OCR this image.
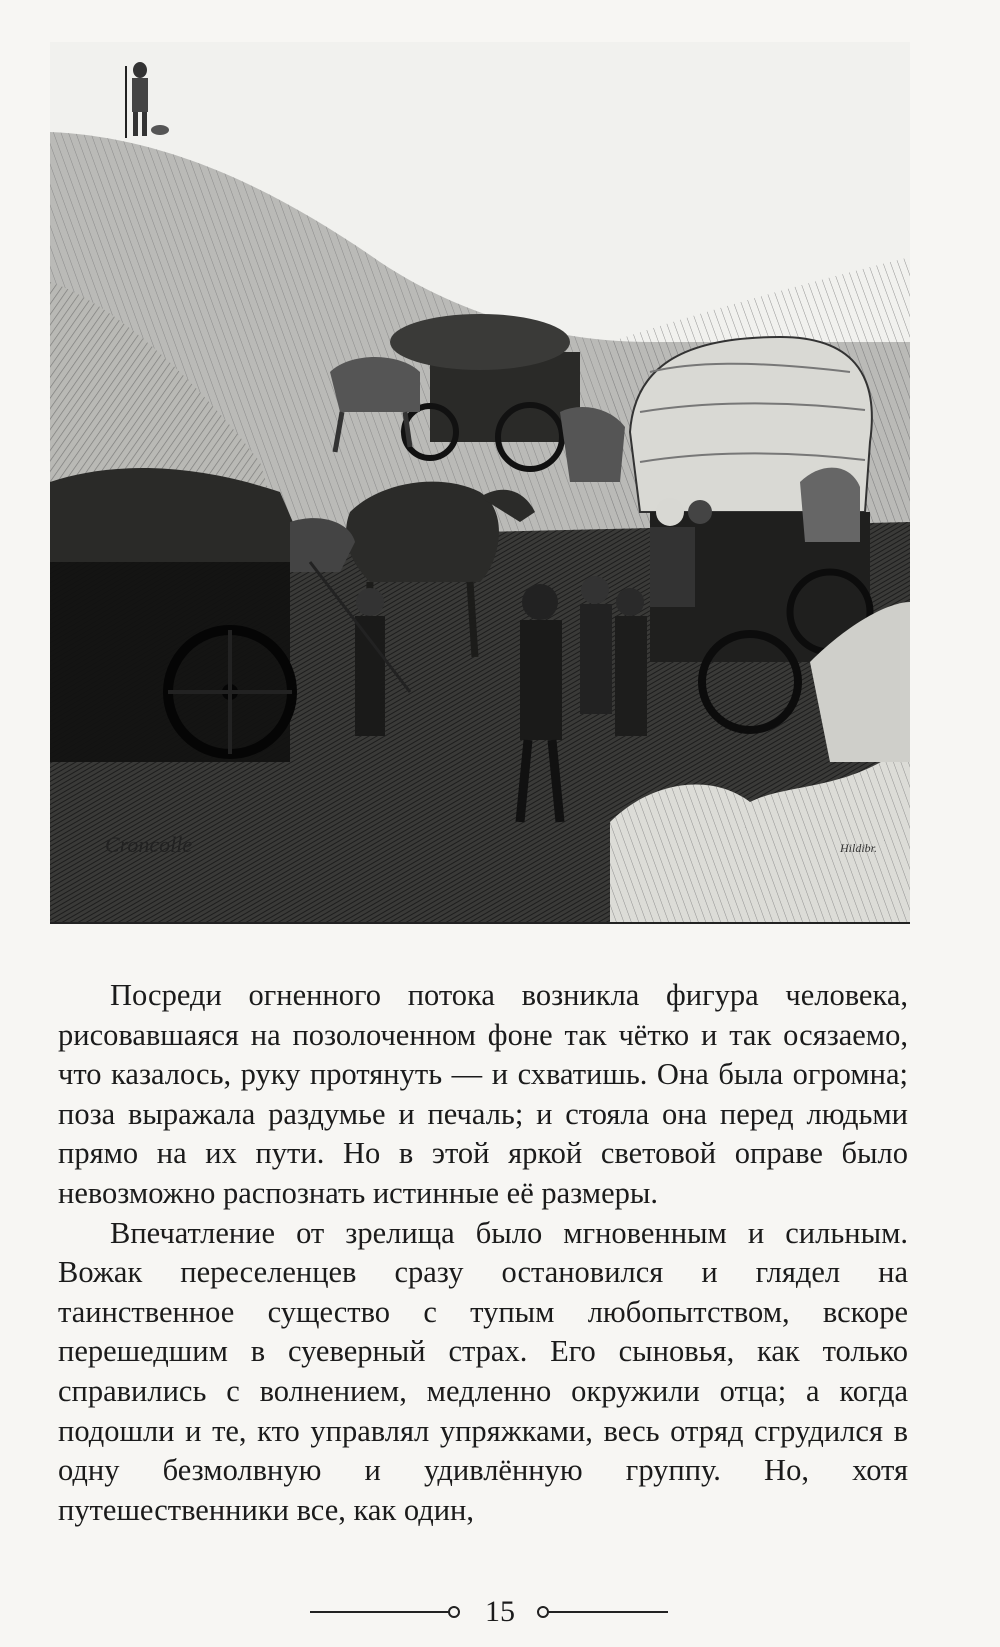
Croncolle	Hildibr.

Посреди огненного потока возникла фигура человека, рисовавшаяся на позолоченном фоне так чётко и так осязаемо, что казалось, руку протянуть — и схватишь. Она была огромна; поза выражала раздумье и печаль; и стояла она перед людьми прямо на их пути. Но в этой яркой световой оправе было невозможно распознать истинные её размеры.

Впечатление от зрелища было мгновенным и сильным. Вожак переселенцев сразу остановился и глядел на таинственное существо с тупым любопытством, вскоре перешедшим в суеверный страх. Его сыновья, как только справились с волнением, медленно окружили отца; а когда подошли и те, кто управлял упряжками, весь отряд сгрудился в одну безмолвную и удивлённую группу. Но, хотя путешественники все, как один,

15
